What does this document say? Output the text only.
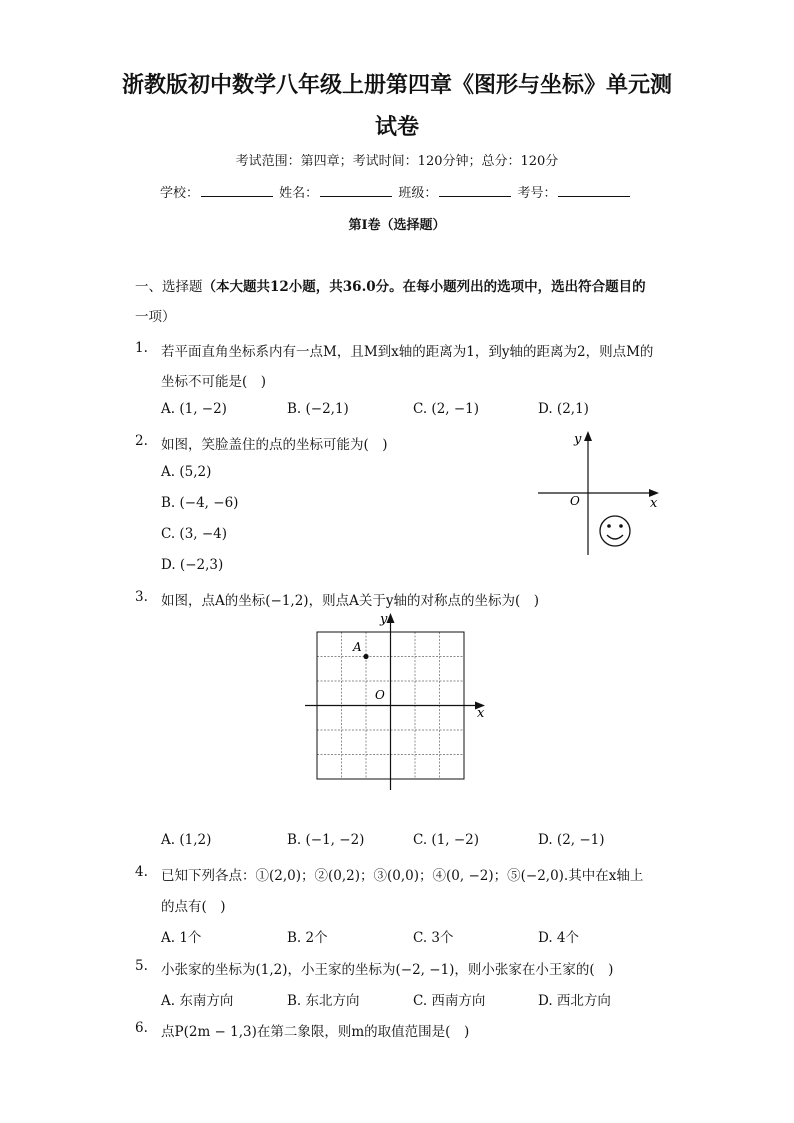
浙教版初中数学八年级上册第四章《图形与坐标》单元测
试卷
考试范围：第四章；考试时间：120分钟；总分：120分
学校：	姓名：	班级：	考号：
第I卷（选择题）
一、选择题（本大题共12小题，共36.0分。在每小题列出的选项中，选出符合题目的
一项）
1. 若平面直角坐标系内有一点M，且M到x轴的距离为1，到y轴的距离为2，则点M的
坐标不可能是(　)
A. (1, −2)	B. (−2,1)	C. (2, −1)	D. (2,1)
2. 如图，笑脸盖住的点的坐标可能为(　)
A. (5,2)
B. (−4, −6)
C. (3, −4)
D. (−2,3)
y
x
O
3. 如图，点A的坐标(−1,2)，则点A关于y轴的对称点的坐标为(　)
y
x
O
A
A. (1,2)	B. (−1, −2)	C. (1, −2)	D. (2, −1)
4. 已知下列各点：①(2,0)；②(0,2)；③(0,0)；④(0, −2)；⑤(−2,0).其中在x轴上
的点有(　)
A. 1个	B. 2个	C. 3个	D. 4个
5. 小张家的坐标为(1,2)，小王家的坐标为(−2, −1)，则小张家在小王家的(　)
A. 东南方向	B. 东北方向	C. 西南方向	D. 西北方向
6. 点P(2m − 1,3)在第二象限，则m的取值范围是(　)
